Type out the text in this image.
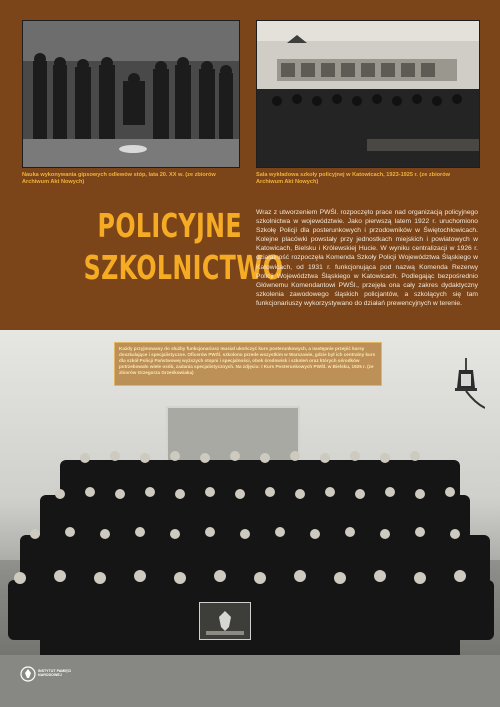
Nauka wykonywania gipsowych odlewów stóp, lata 20. XX w. (ze zbiorów Archiwum Akt Nowych)
Sala wykładowa szkoły policyjnej w Katowicach, 1923-1925 r. (ze zbiorów Archiwum Akt Nowych)
POLICYJNE
SZKOLNICTWO
Wraz z utworzeniem PWŚl. rozpoczęto prace nad organizacją policyjnego szkolnictwa w województwie. Jako pierwszą latem 1922 r. uruchomiono Szkołę Policji dla posterunkowych i przodowników w Świętochłowicach. Kolejne placówki powstały przy jednostkach miejskich i powiatowych w Katowicach, Bielsku i Królewskiej Hucie. W wyniku centralizacji w 1926 r. działalność rozpoczęła Komenda Szkoły Policji Województwa Śląskiego w Katowicach, od 1931 r. funkcjonująca pod nazwą Komenda Rezerwy Policji Województwa Śląskiego w Katowicach. Podlegając bezpośrednio Głównemu Komendantowi PWŚl., przejęła ona cały zakres dydaktyczny szkolenia zawodowego śląskich policjantów, a szkolących się tam funkcjonariuszy wykorzystywano do działań prewencyjnych w terenie.
Każdy przyjmowany do służby funkcjonariusz musiał ukończyć kurs posterunkowych, a następnie przejść kursy doszkalające i specjalistyczne. Oficerów PWŚl. szkolono przede wszystkim w Warszawie, gdzie był ich centralny kurs dla szkół Policji Państwowej wyższych stopni i specjalności, obok środowisk i szkoleń oraz których ośrodków potrzebowało wiele osób, zadania specjalistycznych. Na zdjęciu: I Kurs Posterunkowych PWŚl. w Bielsku, 1925 r. (ze zbiorów Grzegorza Grześkowiaka)
INSTYTUT PAMIĘCI NARODOWEJ
